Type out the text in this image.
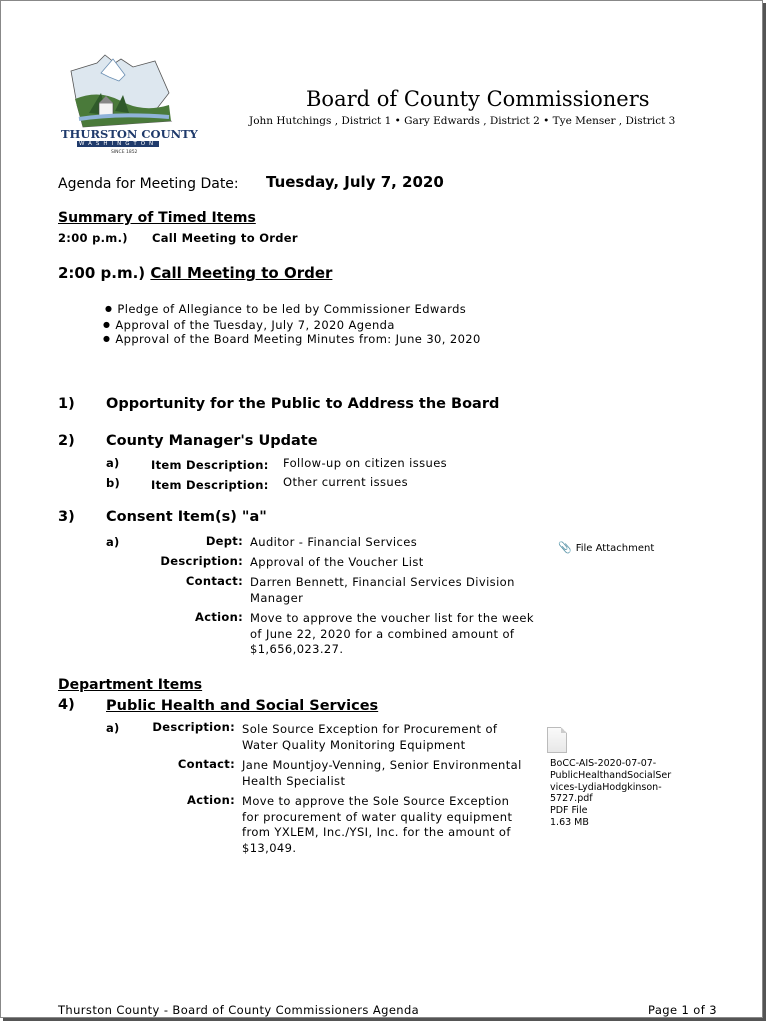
THURSTON COUNTY
WASHINGTON
SINCE 1852
Board of County Commissioners
John Hutchings , District 1 • Gary Edwards , District 2 • Tye Menser , District 3
Agenda for Meeting Date: Tuesday, July 7, 2020
Summary of Timed Items
2:00 p.m.) Call Meeting to Order
2:00 p.m.) Call Meeting to Order
● Pledge of Allegiance to be led by Commissioner Edwards
● Approval of the Tuesday, July 7, 2020 Agenda
● Approval of the Board Meeting Minutes from: June 30, 2020
1) Opportunity for the Public to Address the Board
2) County Manager's Update
a)	Item Description: Follow-up on citizen issues
b)	Item Description: Other current issues
3) Consent Item(s) "a"
a)	Dept: Auditor - Financial Services
Description: Approval of the Voucher List
Contact: Darren Bennett, Financial Services Division Manager
Action: Move to approve the voucher list for the week of June 22, 2020 for a combined amount of $1,656,023.27.
📎 File Attachment
Department Items
4) Public Health and Social Services
a)	Description: Sole Source Exception for Procurement of Water Quality Monitoring Equipment
Contact: Jane Mountjoy-Venning, Senior Environmental Health Specialist
Action: Move to approve the Sole Source Exception for procurement of water quality equipment from YXLEM, Inc./YSI, Inc. for the amount of $13,049.
BoCC-AIS-2020-07-07-
PublicHealthandSocialSer
vices-LydiaHodgkinson-
5727.pdf
PDF File
1.63 MB
Thurston County - Board of County Commissioners Agenda	Page 1 of 3
